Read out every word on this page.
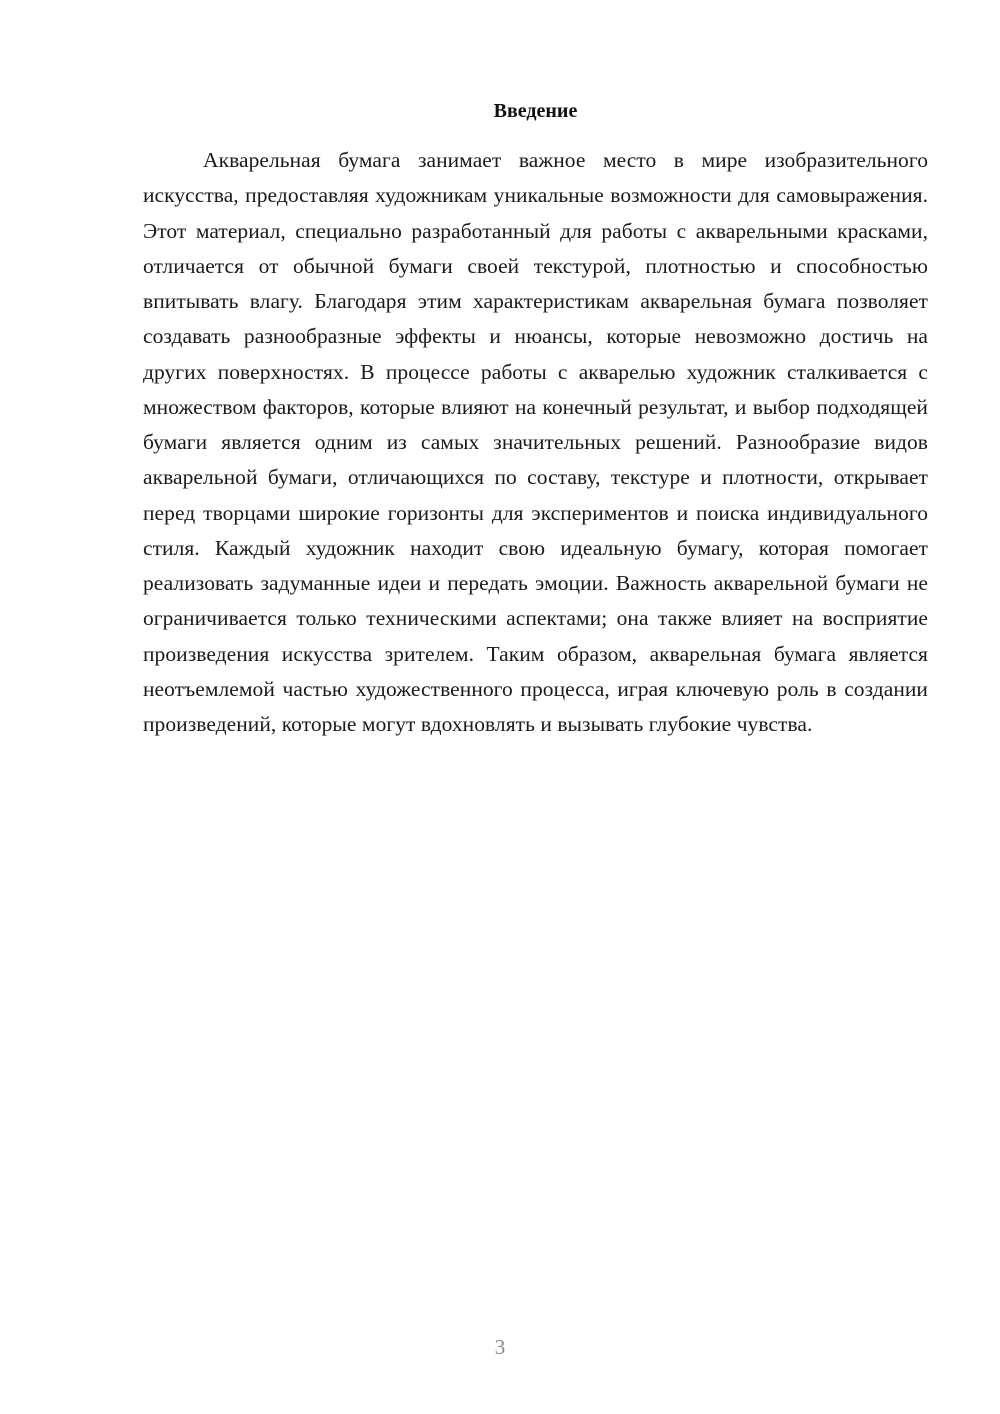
Введение

Акварельная бумага занимает важное место в мире изобразительного искусства, предоставляя художникам уникальные возможности для самовыражения. Этот материал, специально разработанный для работы с акварельными красками, отличается от обычной бумаги своей текстурой, плотностью и способностью впитывать влагу. Благодаря этим характеристикам акварельная бумага позволяет создавать разнообразные эффекты и нюансы, которые невозможно достичь на других поверхностях. В процессе работы с акварелью художник сталкивается с множеством факторов, которые влияют на конечный результат, и выбор подходящей бумаги является одним из самых значительных решений. Разнообразие видов акварельной бумаги, отличающихся по составу, текстуре и плотности, открывает перед творцами широкие горизонты для экспериментов и поиска индивидуального стиля. Каждый художник находит свою идеальную бумагу, которая помогает реализовать задуманные идеи и передать эмоции. Важность акварельной бумаги не ограничивается только техническими аспектами; она также влияет на восприятие произведения искусства зрителем. Таким образом, акварельная бумага является неотъемлемой частью художественного процесса, играя ключевую роль в создании произведений, которые могут вдохновлять и вызывать глубокие чувства.

3
